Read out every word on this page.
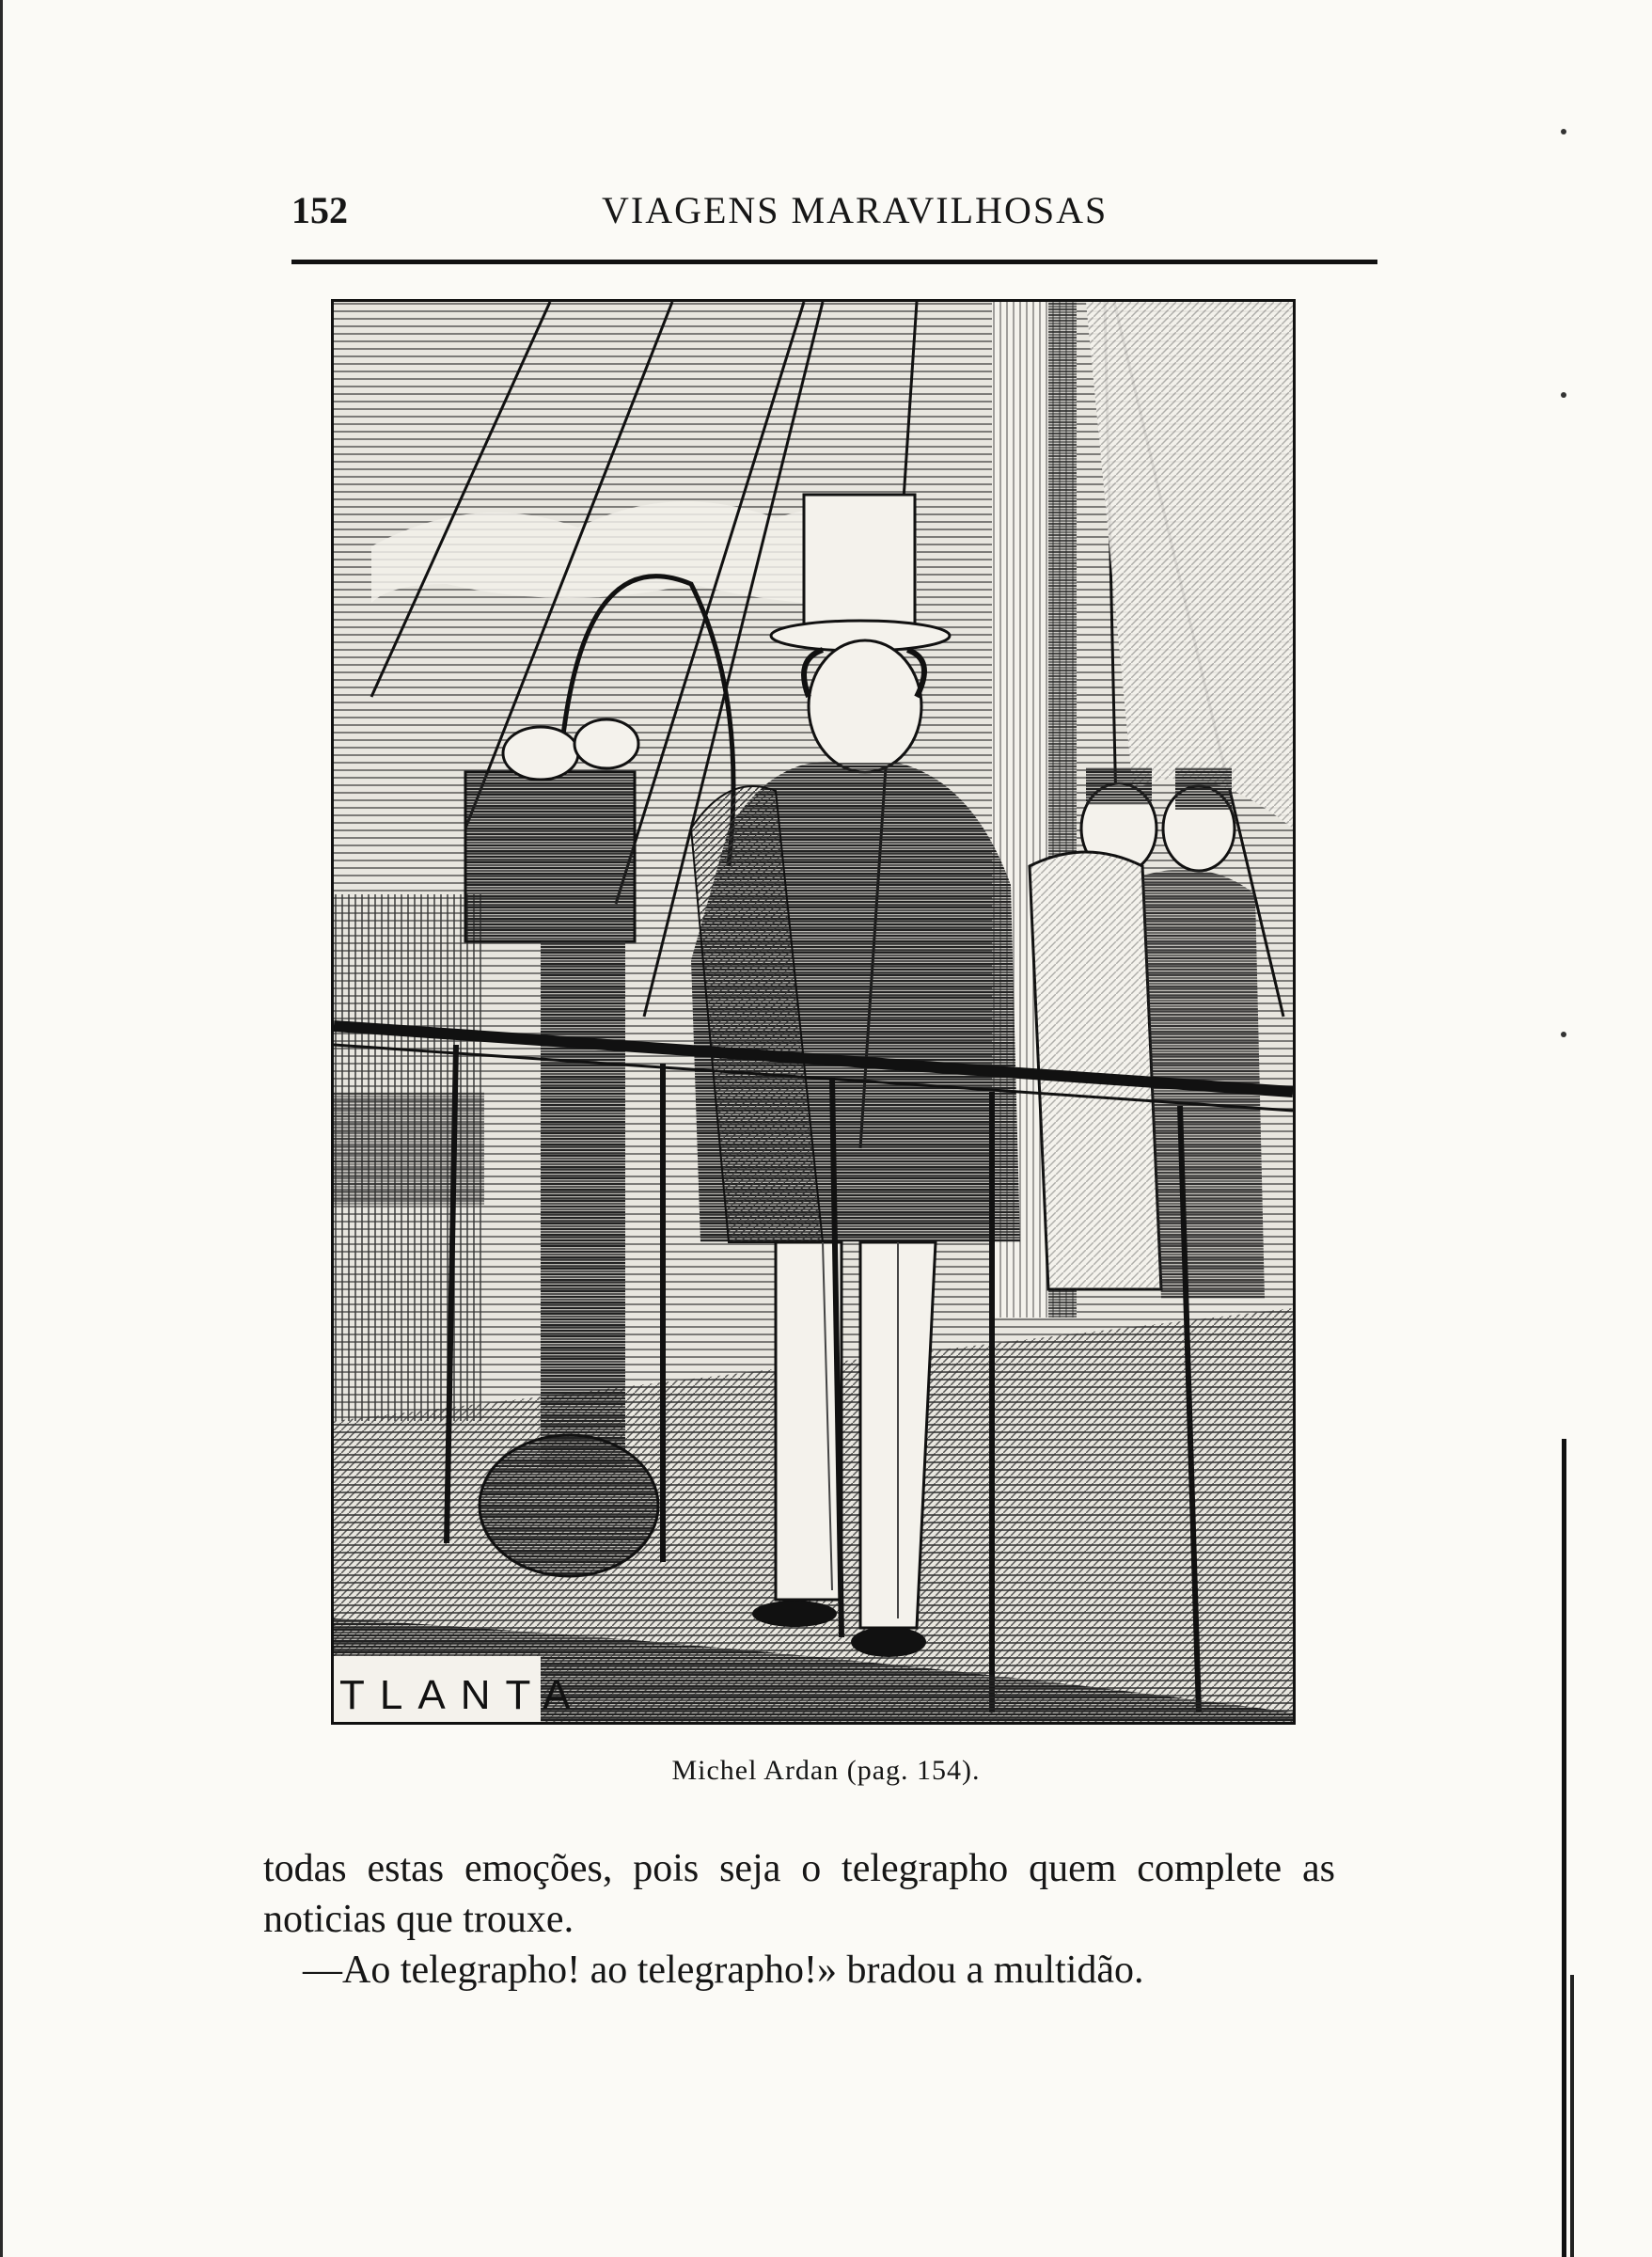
152	VIAGENS MARAVILHOSAS
TLANTA
Michel Ardan (pag. 154).

todas estas emoções, pois seja o telegrapho quem complete as

noticias que trouxe.

—Ao telegrapho! ao telegrapho!» bradou a multidão.
